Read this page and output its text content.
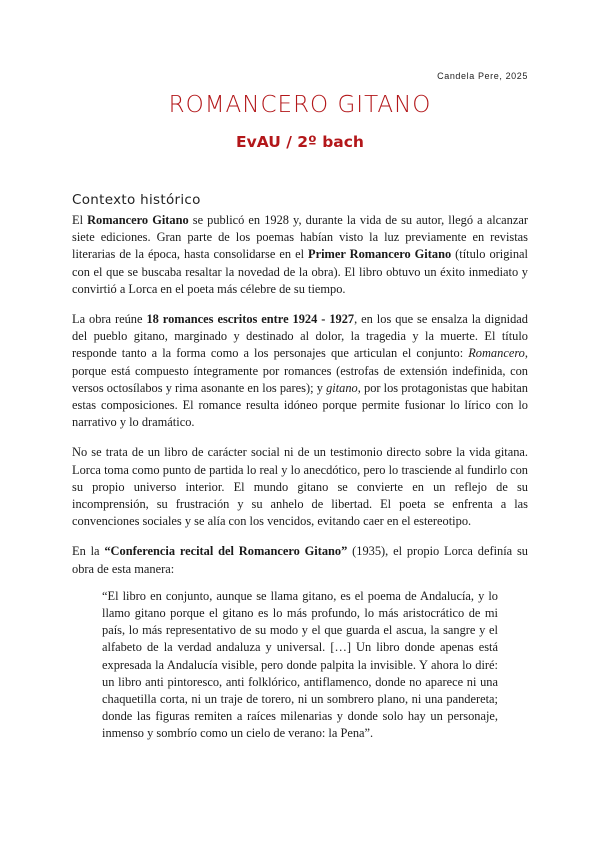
Candela Pere, 2025
ROMANCERO GITANO
EvAU / 2º bach
Contexto histórico

El Romancero Gitano se publicó en 1928 y, durante la vida de su autor, llegó a alcanzar siete ediciones. Gran parte de los poemas habían visto la luz previamente en revistas literarias de la época, hasta consolidarse en el Primer Romancero Gitano (título original con el que se buscaba resaltar la novedad de la obra). El libro obtuvo un éxito inmediato y convirtió a Lorca en el poeta más célebre de su tiempo.

La obra reúne 18 romances escritos entre 1924 - 1927, en los que se ensalza la dignidad del pueblo gitano, marginado y destinado al dolor, la tragedia y la muerte. El título responde tanto a la forma como a los personajes que articulan el conjunto: Romancero, porque está compuesto íntegramente por romances (estrofas de extensión indefinida, con versos octosílabos y rima asonante en los pares); y gitano, por los protagonistas que habitan estas composiciones. El romance resulta idóneo porque permite fusionar lo lírico con lo narrativo y lo dramático.

No se trata de un libro de carácter social ni de un testimonio directo sobre la vida gitana. Lorca toma como punto de partida lo real y lo anecdótico, pero lo trasciende al fundirlo con su propio universo interior. El mundo gitano se convierte en un reflejo de su incomprensión, su frustración y su anhelo de libertad. El poeta se enfrenta a las convenciones sociales y se alía con los vencidos, evitando caer en el estereotipo.

En la “Conferencia recital del Romancero Gitano” (1935), el propio Lorca definía su obra de esta manera:

“El libro en conjunto, aunque se llama gitano, es el poema de Andalucía, y lo llamo gitano porque el gitano es lo más profundo, lo más aristocrático de mi país, lo más representativo de su modo y el que guarda el ascua, la sangre y el alfabeto de la verdad andaluza y universal. […] Un libro donde apenas está expresada la Andalucía visible, pero donde palpita la invisible. Y ahora lo diré: un libro anti pintoresco, anti folklórico, antiflamenco, donde no aparece ni una chaquetilla corta, ni un traje de torero, ni un sombrero plano, ni una pandereta; donde las figuras remiten a raíces milenarias y donde solo hay un personaje, inmenso y sombrío como un cielo de verano: la Pena”.
